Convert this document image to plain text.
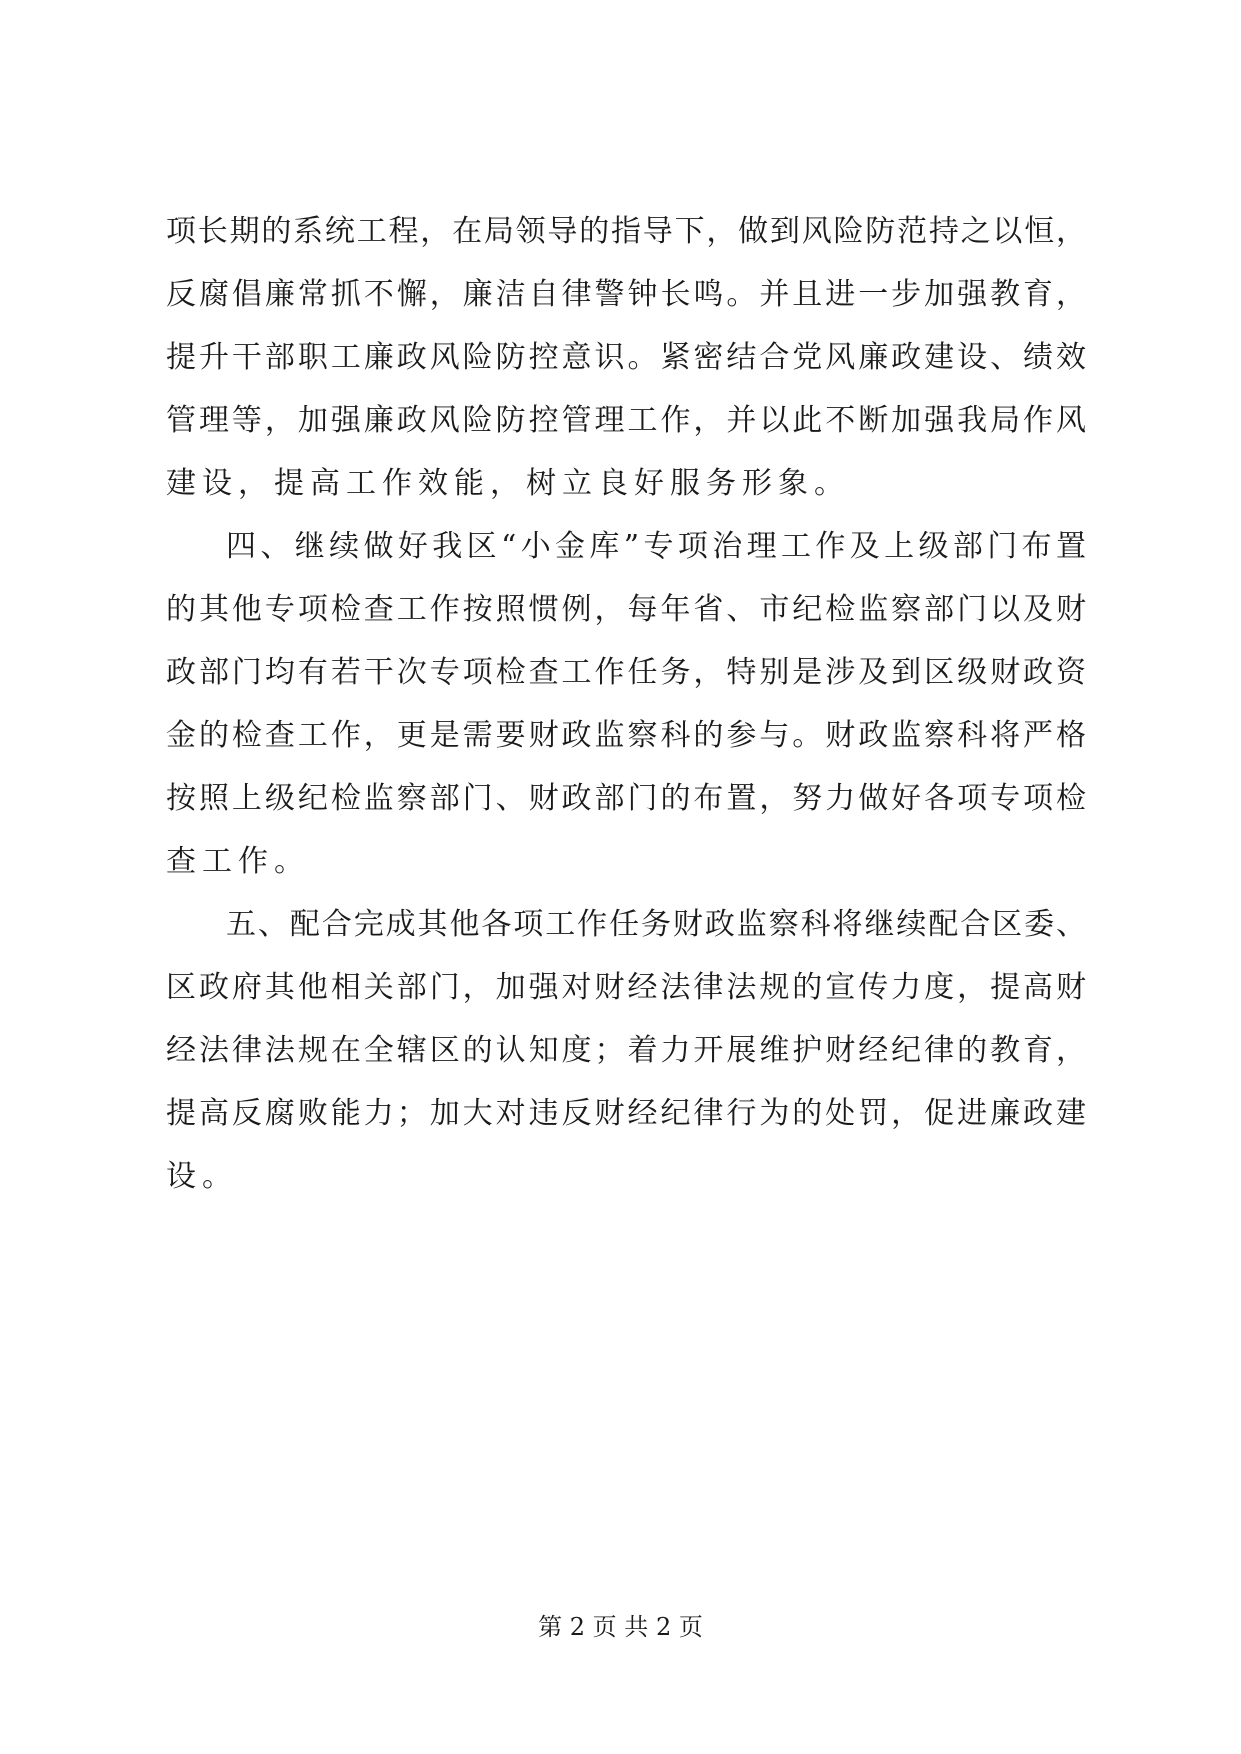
项长期的系统工程，在局领导的指导下，做到风险防范持之以恒，
反腐倡廉常抓不懈，廉洁自律警钟长鸣。并且进一步加强教育，
提升干部职工廉政风险防控意识。紧密结合党风廉政建设、绩效
管理等，加强廉政风险防控管理工作，并以此不断加强我局作风
建设，提高工作效能，树立良好服务形象。
四、继续做好我区“小金库”专项治理工作及上级部门布置
的其他专项检查工作按照惯例，每年省、市纪检监察部门以及财
政部门均有若干次专项检查工作任务，特别是涉及到区级财政资
金的检查工作，更是需要财政监察科的参与。财政监察科将严格
按照上级纪检监察部门、财政部门的布置，努力做好各项专项检
查工作。
五、配合完成其他各项工作任务财政监察科将继续配合区委、
区政府其他相关部门，加强对财经法律法规的宣传力度，提高财
经法律法规在全辖区的认知度；着力开展维护财经纪律的教育，
提高反腐败能力；加大对违反财经纪律行为的处罚，促进廉政建
设。
第 2 页 共 2 页
